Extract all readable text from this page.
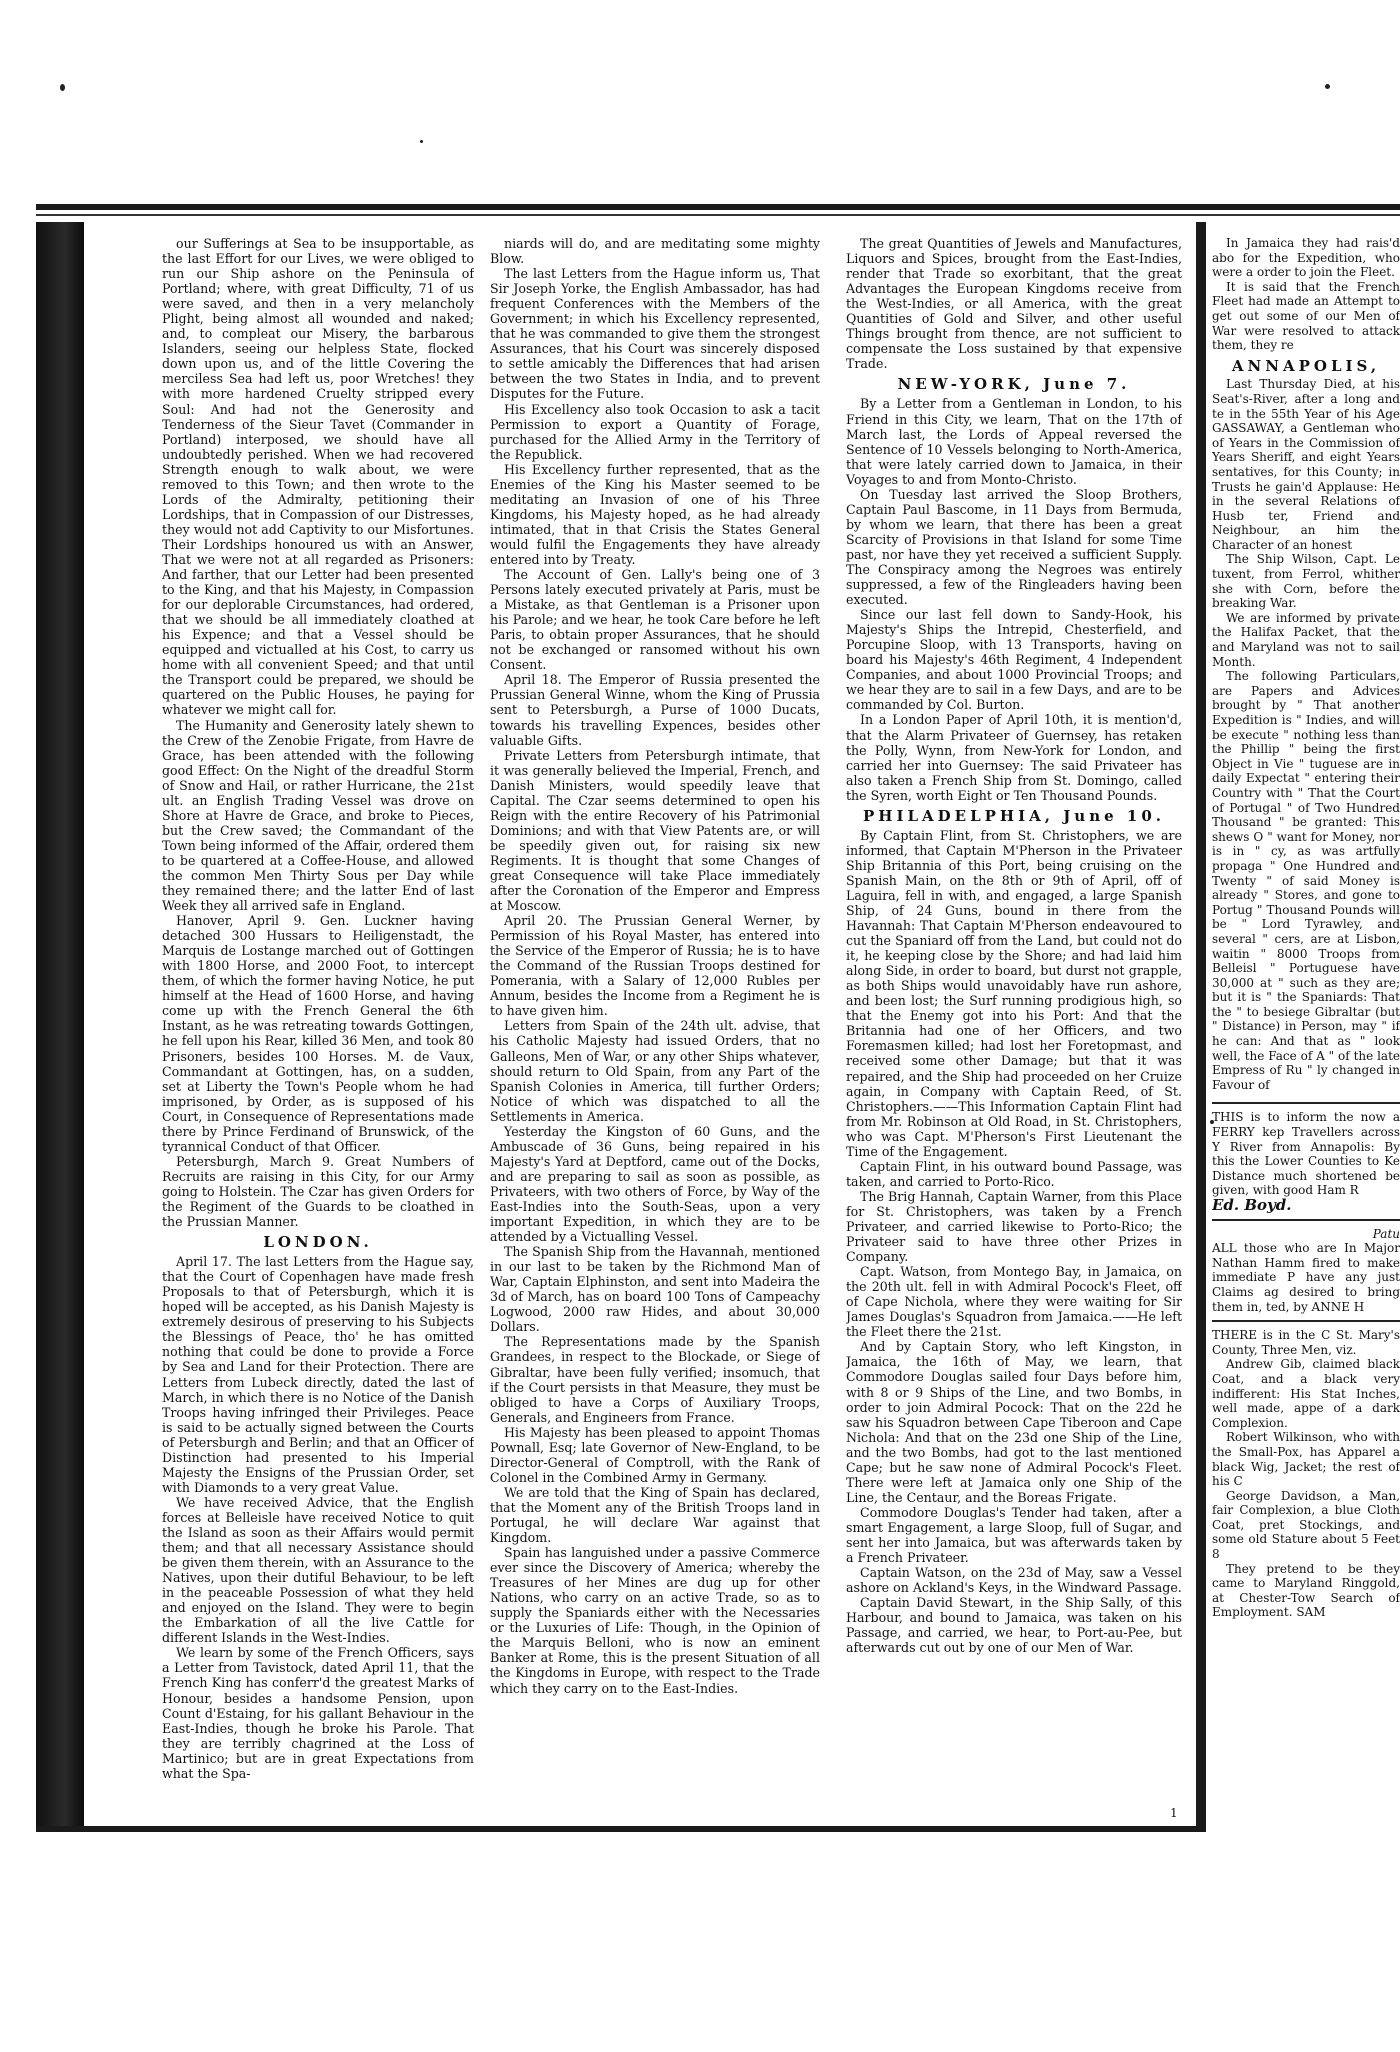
our Sufferings at Sea to be insupportable, as the last Effort for our Lives, we were obliged to run our Ship ashore on the Peninsula of Portland; where, with great Difficulty, 71 of us were saved, and then in a very melancholy Plight, being almost all wounded and naked; and, to compleat our Misery, the barbarous Islanders, seeing our helpless State, flocked down upon us, and of the little Covering the merciless Sea had left us, poor Wretches! they with more hardened Cruelty stripped every Soul: And had not the Generosity and Tenderness of the Sieur Tavet (Commander in Portland) interposed, we should have all undoubtedly perished. When we had recovered Strength enough to walk about, we were removed to this Town; and then wrote to the Lords of the Admiralty, petitioning their Lordships, that in Compassion of our Distresses, they would not add Captivity to our Misfortunes. Their Lordships honoured us with an Answer, That we were not at all regarded as Prisoners: And farther, that our Letter had been presented to the King, and that his Majesty, in Compassion for our deplorable Circumstances, had ordered, that we should be all immediately cloathed at his Expence; and that a Vessel should be equipped and victualled at his Cost, to carry us home with all convenient Speed; and that until the Transport could be prepared, we should be quartered on the Public Houses, he paying for whatever we might call for.

The Humanity and Generosity lately shewn to the Crew of the Zenobie Frigate, from Havre de Grace, has been attended with the following good Effect: On the Night of the dreadful Storm of Snow and Hail, or rather Hurricane, the 21st ult. an English Trading Vessel was drove on Shore at Havre de Grace, and broke to Pieces, but the Crew saved; the Commandant of the Town being informed of the Affair, ordered them to be quartered at a Coffee-House, and allowed the common Men Thirty Sous per Day while they remained there; and the latter End of last Week they all arrived safe in England.

Hanover, April 9. Gen. Luckner having detached 300 Hussars to Heiligenstadt, the Marquis de Lostange marched out of Gottingen with 1800 Horse, and 2000 Foot, to intercept them, of which the former having Notice, he put himself at the Head of 1600 Horse, and having come up with the French General the 6th Instant, as he was retreating towards Gottingen, he fell upon his Rear, killed 36 Men, and took 80 Prisoners, besides 100 Horses. M. de Vaux, Commandant at Gottingen, has, on a sudden, set at Liberty the Town's People whom he had imprisoned, by Order, as is supposed of his Court, in Consequence of Representations made there by Prince Ferdinand of Brunswick, of the tyrannical Conduct of that Officer.

Petersburgh, March 9. Great Numbers of Recruits are raising in this City, for our Army going to Holstein. The Czar has given Orders for the Regiment of the Guards to be cloathed in the Prussian Manner.

LONDON.

April 17. The last Letters from the Hague say, that the Court of Copenhagen have made fresh Proposals to that of Petersburgh, which it is hoped will be accepted, as his Danish Majesty is extremely desirous of preserving to his Subjects the Blessings of Peace, tho' he has omitted nothing that could be done to provide a Force by Sea and Land for their Protection. There are Letters from Lubeck directly, dated the last of March, in which there is no Notice of the Danish Troops having infringed their Privileges. Peace is said to be actually signed between the Courts of Petersburgh and Berlin; and that an Officer of Distinction had presented to his Imperial Majesty the Ensigns of the Prussian Order, set with Diamonds to a very great Value.

We have received Advice, that the English forces at Belleisle have received Notice to quit the Island as soon as their Affairs would permit them; and that all necessary Assistance should be given them therein, with an Assurance to the Natives, upon their dutiful Behaviour, to be left in the peaceable Possession of what they held and enjoyed on the Island. They were to begin the Embarkation of all the live Cattle for different Islands in the West-Indies.

We learn by some of the French Officers, says a Letter from Tavistock, dated April 11, that the French King has conferr'd the greatest Marks of Honour, besides a handsome Pension, upon Count d'Estaing, for his gallant Behaviour in the East-Indies, though he broke his Parole. That they are terribly chagrined at the Loss of Martinico; but are in great Expectations from what the Spa-

niards will do, and are meditating some mighty Blow.

The last Letters from the Hague inform us, That Sir Joseph Yorke, the English Ambassador, has had frequent Conferences with the Members of the Government; in which his Excellency represented, that he was commanded to give them the strongest Assurances, that his Court was sincerely disposed to settle amicably the Differences that had arisen between the two States in India, and to prevent Disputes for the Future.

His Excellency also took Occasion to ask a tacit Permission to export a Quantity of Forage, purchased for the Allied Army in the Territory of the Republick.

His Excellency further represented, that as the Enemies of the King his Master seemed to be meditating an Invasion of one of his Three Kingdoms, his Majesty hoped, as he had already intimated, that in that Crisis the States General would fulfil the Engagements they have already entered into by Treaty.

The Account of Gen. Lally's being one of 3 Persons lately executed privately at Paris, must be a Mistake, as that Gentleman is a Prisoner upon his Parole; and we hear, he took Care before he left Paris, to obtain proper Assurances, that he should not be exchanged or ransomed without his own Consent.

April 18. The Emperor of Russia presented the Prussian General Winne, whom the King of Prussia sent to Petersburgh, a Purse of 1000 Ducats, towards his travelling Expences, besides other valuable Gifts.

Private Letters from Petersburgh intimate, that it was generally believed the Imperial, French, and Danish Ministers, would speedily leave that Capital. The Czar seems determined to open his Reign with the entire Recovery of his Patrimonial Dominions; and with that View Patents are, or will be speedily given out, for raising six new Regiments. It is thought that some Changes of great Consequence will take Place immediately after the Coronation of the Emperor and Empress at Moscow.

April 20. The Prussian General Werner, by Permission of his Royal Master, has entered into the Service of the Emperor of Russia; he is to have the Command of the Russian Troops destined for Pomerania, with a Salary of 12,000 Rubles per Annum, besides the Income from a Regiment he is to have given him.

Letters from Spain of the 24th ult. advise, that his Catholic Majesty had issued Orders, that no Galleons, Men of War, or any other Ships whatever, should return to Old Spain, from any Part of the Spanish Colonies in America, till further Orders; Notice of which was dispatched to all the Settlements in America.

Yesterday the Kingston of 60 Guns, and the Ambuscade of 36 Guns, being repaired in his Majesty's Yard at Deptford, came out of the Docks, and are preparing to sail as soon as possible, as Privateers, with two others of Force, by Way of the East-Indies into the South-Seas, upon a very important Expedition, in which they are to be attended by a Victualling Vessel.

The Spanish Ship from the Havannah, mentioned in our last to be taken by the Richmond Man of War, Captain Elphinston, and sent into Madeira the 3d of March, has on board 100 Tons of Campeachy Logwood, 2000 raw Hides, and about 30,000 Dollars.

The Representations made by the Spanish Grandees, in respect to the Blockade, or Siege of Gibraltar, have been fully verified; insomuch, that if the Court persists in that Measure, they must be obliged to have a Corps of Auxiliary Troops, Generals, and Engineers from France.

His Majesty has been pleased to appoint Thomas Pownall, Esq; late Governor of New-England, to be Director-General of Comptroll, with the Rank of Colonel in the Combined Army in Germany.

We are told that the King of Spain has declared, that the Moment any of the British Troops land in Portugal, he will declare War against that Kingdom.

Spain has languished under a passive Commerce ever since the Discovery of America; whereby the Treasures of her Mines are dug up for other Nations, who carry on an active Trade, so as to supply the Spaniards either with the Necessaries or the Luxuries of Life: Though, in the Opinion of the Marquis Belloni, who is now an eminent Banker at Rome, this is the present Situation of all the Kingdoms in Europe, with respect to the Trade which they carry on to the East-Indies.

The great Quantities of Jewels and Manufactures, Liquors and Spices, brought from the East-Indies, render that Trade so exorbitant, that the great Advantages the European Kingdoms receive from the West-Indies, or all America, with the great Quantities of Gold and Silver, and other useful Things brought from thence, are not sufficient to compensate the Loss sustained by that expensive Trade.

NEW-YORK, June 7.

By a Letter from a Gentleman in London, to his Friend in this City, we learn, That on the 17th of March last, the Lords of Appeal reversed the Sentence of 10 Vessels belonging to North-America, that were lately carried down to Jamaica, in their Voyages to and from Monto-Christo.

On Tuesday last arrived the Sloop Brothers, Captain Paul Bascome, in 11 Days from Bermuda, by whom we learn, that there has been a great Scarcity of Provisions in that Island for some Time past, nor have they yet received a sufficient Supply. The Conspiracy among the Negroes was entirely suppressed, a few of the Ringleaders having been executed.

Since our last fell down to Sandy-Hook, his Majesty's Ships the Intrepid, Chesterfield, and Porcupine Sloop, with 13 Transports, having on board his Majesty's 46th Regiment, 4 Independent Companies, and about 1000 Provincial Troops; and we hear they are to sail in a few Days, and are to be commanded by Col. Burton.

In a London Paper of April 10th, it is mention'd, that the Alarm Privateer of Guernsey, has retaken the Polly, Wynn, from New-York for London, and carried her into Guernsey: The said Privateer has also taken a French Ship from St. Domingo, called the Syren, worth Eight or Ten Thousand Pounds.

PHILADELPHIA, June 10.

By Captain Flint, from St. Christophers, we are informed, that Captain M'Pherson in the Privateer Ship Britannia of this Port, being cruising on the Spanish Main, on the 8th or 9th of April, off of Laguira, fell in with, and engaged, a large Spanish Ship, of 24 Guns, bound in there from the Havannah: That Captain M'Pherson endeavoured to cut the Spaniard off from the Land, but could not do it, he keeping close by the Shore; and had laid him along Side, in order to board, but durst not grapple, as both Ships would unavoidably have run ashore, and been lost; the Surf running prodigious high, so that the Enemy got into his Port: And that the Britannia had one of her Officers, and two Foremasmen killed; had lost her Foretopmast, and received some other Damage; but that it was repaired, and the Ship had proceeded on her Cruize again, in Company with Captain Reed, of St. Christophers.——This Information Captain Flint had from Mr. Robinson at Old Road, in St. Christophers, who was Capt. M'Pherson's First Lieutenant the Time of the Engagement.

Captain Flint, in his outward bound Passage, was taken, and carried to Porto-Rico.

The Brig Hannah, Captain Warner, from this Place for St. Christophers, was taken by a French Privateer, and carried likewise to Porto-Rico; the Privateer said to have three other Prizes in Company.

Capt. Watson, from Montego Bay, in Jamaica, on the 20th ult. fell in with Admiral Pocock's Fleet, off of Cape Nichola, where they were waiting for Sir James Douglas's Squadron from Jamaica.——He left the Fleet there the 21st.

And by Captain Story, who left Kingston, in Jamaica, the 16th of May, we learn, that Commodore Douglas sailed four Days before him, with 8 or 9 Ships of the Line, and two Bombs, in order to join Admiral Pocock: That on the 22d he saw his Squadron between Cape Tiberoon and Cape Nichola: And that on the 23d one Ship of the Line, and the two Bombs, had got to the last mentioned Cape; but he saw none of Admiral Pocock's Fleet. There were left at Jamaica only one Ship of the Line, the Centaur, and the Boreas Frigate.

Commodore Douglas's Tender had taken, after a smart Engagement, a large Sloop, full of Sugar, and sent her into Jamaica, but was afterwards taken by a French Privateer.

Captain Watson, on the 23d of May, saw a Vessel ashore on Ackland's Keys, in the Windward Passage.

Captain David Stewart, in the Ship Sally, of this Harbour, and bound to Jamaica, was taken on his Passage, and carried, we hear, to Port-au-Pee, but afterwards cut out by one of our Men of War.

In Jamaica they had rais'd abo for the Expedition, who were a order to join the Fleet.

It is said that the French Fleet had made an Attempt to get out some of our Men of War were resolved to attack them, they re

ANNAPOLIS,

Last Thursday Died, at his Seat's-River, after a long and te in the 55th Year of his Age GASSAWAY, a Gentleman who of Years in the Commission of Years Sheriff, and eight Years sentatives, for this County; in Trusts he gain'd Applause: He in the several Relations of Husb ter, Friend and Neighbour, an him the Character of an honest

The Ship Wilson, Capt. Le tuxent, from Ferrol, whither she with Corn, before the breaking War.

We are informed by private the Halifax Packet, that the and Maryland was not to sail Month.

The following Particulars, are Papers and Advices brought by " That another Expedition is " Indies, and will be execute " nothing less than the Phillip " being the first Object in Vie " tuguese are in daily Expectat " entering their Country with " That the Court of Portugal " of Two Hundred Thousand " be granted: This shews O " want for Money, nor is in " cy, as was artfully propaga " One Hundred and Twenty " of said Money is already " Stores, and gone to Portug " Thousand Pounds will be " Lord Tyrawley, and several " cers, are at Lisbon, waitin " 8000 Troops from Belleisl " Portuguese have 30,000 at " such as they are; but it is " the Spaniards: That the " to besiege Gibraltar (but " Distance) in Person, may " if he can: And that as " look well, the Face of A " of the late Empress of Ru " ly changed in Favour of

THIS is to inform the now a FERRY kep Travellers across Y River from Annapolis: By this the Lower Counties to Ke Distance much shortened be given, with good Ham R

Ed. Boyd.

Patu

ALL those who are In Major Nathan Hamm fired to make immediate P have any just Claims ag desired to bring them in, ted, by ANNE H

THERE is in the C St. Mary's County, Three Men, viz.

Andrew Gib, claimed black Coat, and a black very indifferent: His Stat Inches, well made, appe of a dark Complexion.

Robert Wilkinson, who with the Small-Pox, has Apparel a black Wig, Jacket; the rest of his C

George Davidson, a Man, fair Complexion, a blue Cloth Coat, pret Stockings, and some old Stature about 5 Feet 8

They pretend to be they came to Maryland Ringgold, at Chester-Tow Search of Employment. SAM

1
